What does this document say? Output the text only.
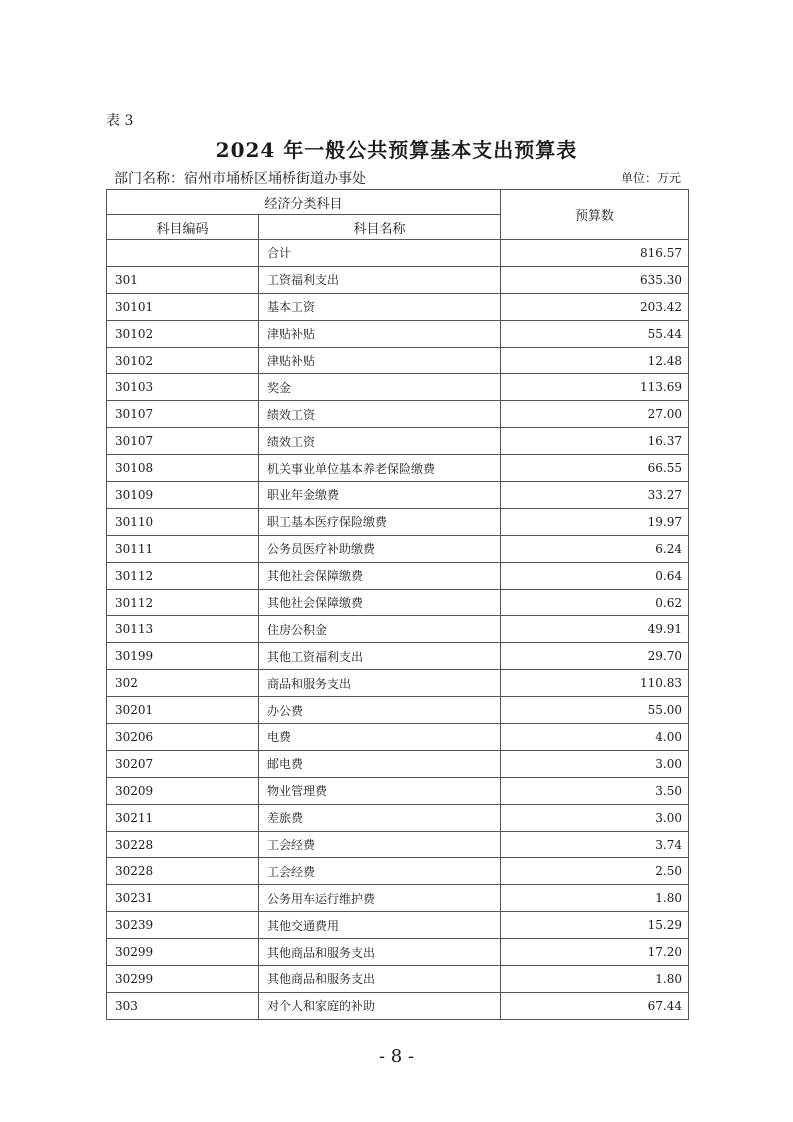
表 3
2024 年一般公共预算基本支出预算表
部门名称：宿州市埇桥区埇桥街道办事处	单位：万元
经济分类科目		预算数
科目编码	科目名称	
	合计	816.57
301	工资福利支出	635.30
30101	基本工资	203.42
30102	津贴补贴	55.44
30102	津贴补贴	12.48
30103	奖金	113.69
30107	绩效工资	27.00
30107	绩效工资	16.37
30108	机关事业单位基本养老保险缴费	66.55
30109	职业年金缴费	33.27
30110	职工基本医疗保险缴费	19.97
30111	公务员医疗补助缴费	6.24
30112	其他社会保障缴费	0.64
30112	其他社会保障缴费	0.62
30113	住房公积金	49.91
30199	其他工资福利支出	29.70
302	商品和服务支出	110.83
30201	办公费	55.00
30206	电费	4.00
30207	邮电费	3.00
30209	物业管理费	3.50
30211	差旅费	3.00
30228	工会经费	3.74
30228	工会经费	2.50
30231	公务用车运行维护费	1.80
30239	其他交通费用	15.29
30299	其他商品和服务支出	17.20
30299	其他商品和服务支出	1.80
303	对个人和家庭的补助	67.44
- 8 -
